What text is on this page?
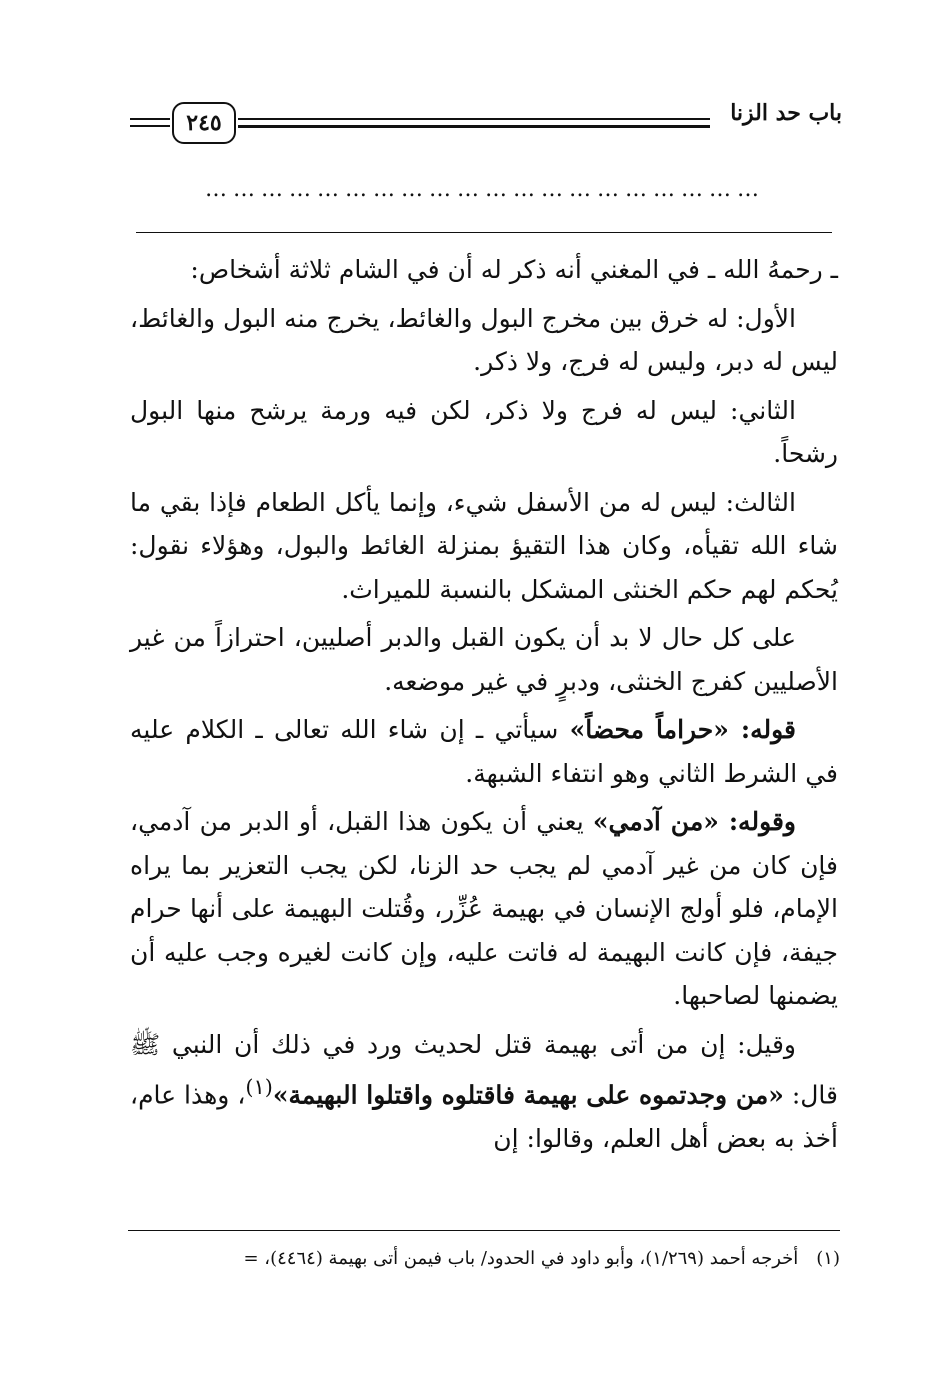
باب حد الزنا
٢٤٥
……………………………………………………

ـ رحمهُ الله ـ في المغني أنه ذكر له أن في الشام ثلاثة أشخاص:

الأول: له خرق بين مخرج البول والغائط، يخرج منه البول والغائط، ليس له دبر، وليس له فرج، ولا ذكر.

الثاني: ليس له فرج ولا ذكر، لكن فيه ورمة يرشح منها البول رشحاً.

الثالث: ليس له من الأسفل شيء، وإنما يأكل الطعام فإذا بقي ما شاء الله تقيأه، وكان هذا التقيؤ بمنزلة الغائط والبول، وهؤلاء نقول: يُحكم لهم حكم الخنثى المشكل بالنسبة للميراث.

على كل حال لا بد أن يكون القبل والدبر أصليين، احترازاً من غير الأصليين كفرج الخنثى، ودبرٍ في غير موضعه.

قوله: «حراماً محضاً» سيأتي ـ إن شاء الله تعالى ـ الكلام عليه في الشرط الثاني وهو انتفاء الشبهة.

وقوله: «من آدمي» يعني أن يكون هذا القبل، أو الدبر من آدمي، فإن كان من غير آدمي لم يجب حد الزنا، لكن يجب التعزير بما يراه الإمام، فلو أولج الإنسان في بهيمة عُزِّر، وقُتلت البهيمة على أنها حرام جيفة، فإن كانت البهيمة له فاتت عليه، وإن كانت لغيره وجب عليه أن يضمنها لصاحبها.

وقيل: إن من أتى بهيمة قتل لحديث ورد في ذلك أن النبي ﷺ قال: «من وجدتموه على بهيمة فاقتلوه واقتلوا البهيمة»$^{(١)}$، وهذا عام، أخذ به بعض أهل العلم، وقالوا: إن

(١)أخرجه أحمد (١/٢٦٩)، وأبو داود في الحدود/ باب فيمن أتى بهيمة (٤٤٦٤)، =
